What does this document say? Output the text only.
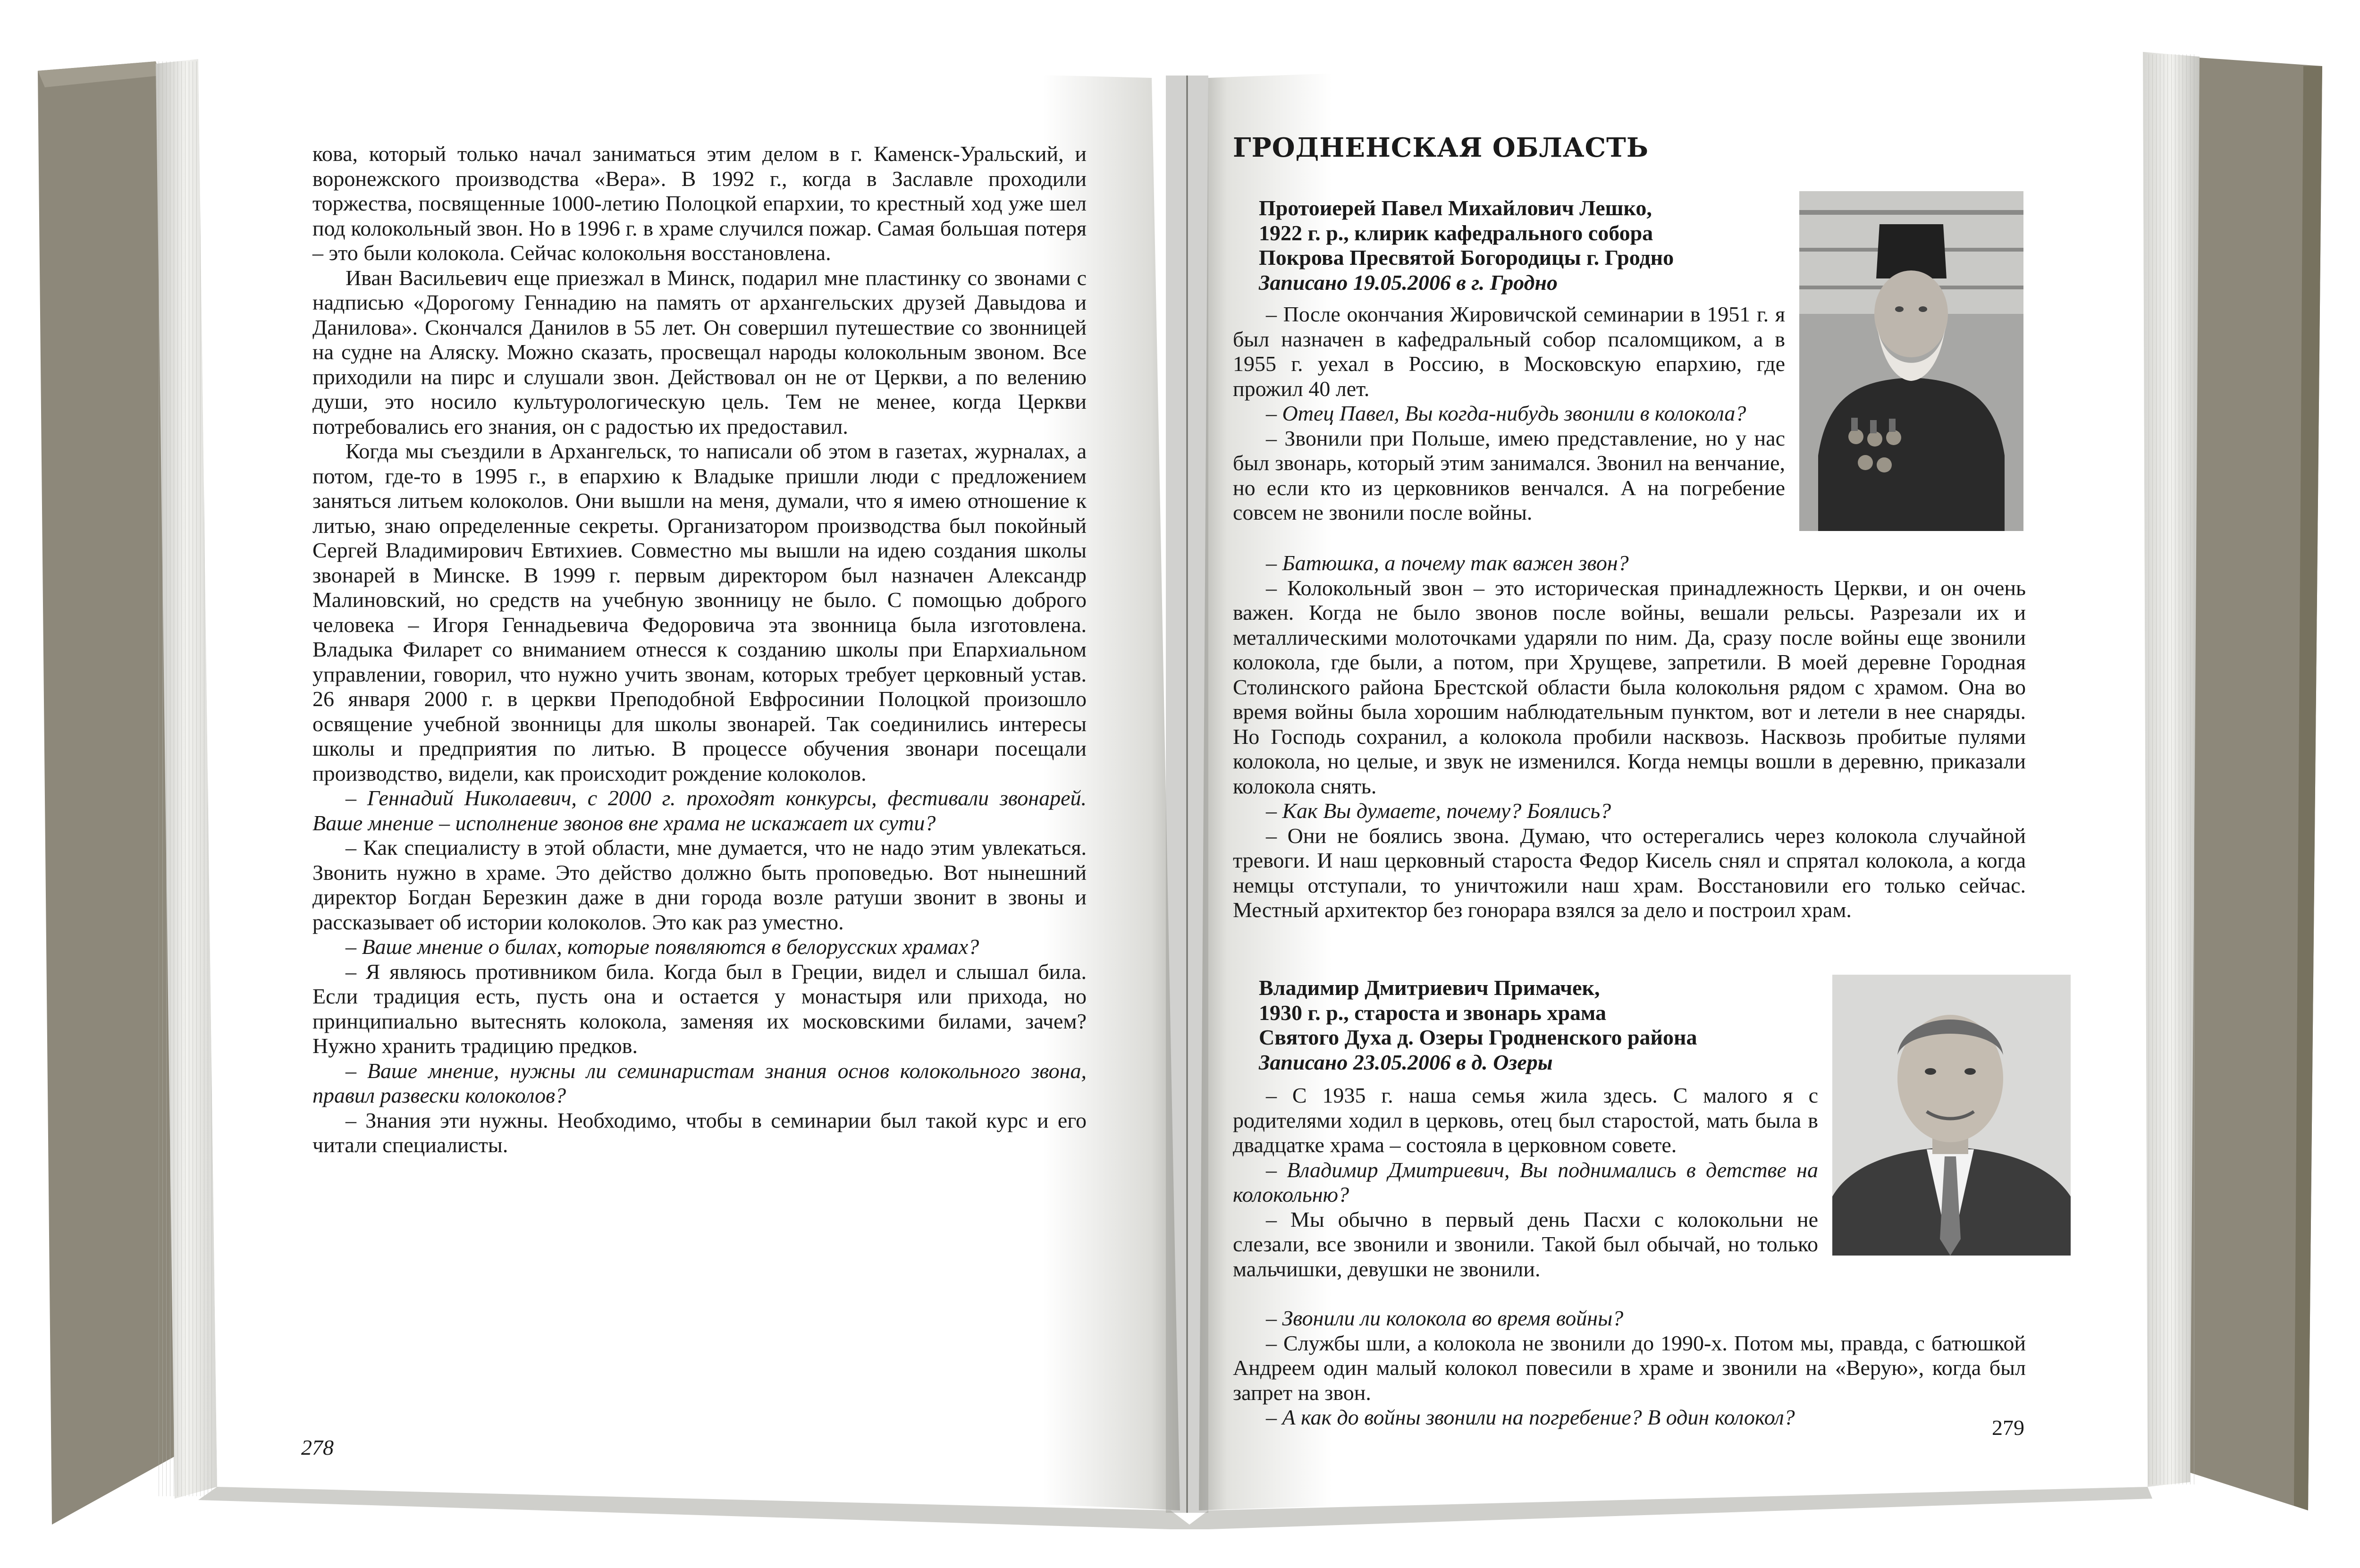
кова, который только начал заниматься этим делом в г. Каменск-Уральский, и воронежского производства «Вера». В 1992 г., когда в Заславле проходили торжества, посвященные 1000-летию Полоцкой епархии, то крестный ход уже шел под колокольный звон. Но в 1996 г. в храме случился пожар. Самая большая потеря – это были колокола. Сейчас колокольня восстановлена.

Иван Васильевич еще приезжал в Минск, подарил мне пластинку со звонами с надписью «Дорогому Геннадию на память от архангельских друзей Давыдова и Данилова». Скончался Данилов в 55 лет. Он совершил путешествие со звонницей на судне на Аляску. Можно сказать, просвещал народы колокольным звоном. Все приходили на пирс и слушали звон. Действовал он не от Церкви, а по велению души, это носило культурологическую цель. Тем не менее, когда Церкви потребовались его знания, он с радостью их предоставил.

Когда мы съездили в Архангельск, то написали об этом в газетах, журналах, а потом, где-то в 1995 г., в епархию к Владыке пришли люди с предложением заняться литьем колоколов. Они вышли на меня, думали, что я имею отношение к литью, знаю определенные секреты. Организатором производства был покойный Сергей Владимирович Евтихиев. Совместно мы вышли на идею создания школы звонарей в Минске. В 1999 г. первым директором был назначен Александр Малиновский, но средств на учебную звонницу не было. С помощью доброго человека – Игоря Геннадьевича Федоровича эта звонница была изготовлена. Владыка Филарет со вниманием отнесся к созданию школы при Епархиальном управлении, говорил, что нужно учить звонам, которых требует церковный устав. 26 января 2000 г. в церкви Преподобной Евфросинии Полоцкой произошло освящение учебной звонницы для школы звонарей. Так соединились интересы школы и предприятия по литью. В процессе обучения звонари посещали производство, видели, как происходит рождение колоколов.

– Геннадий Николаевич, с 2000 г. проходят конкурсы, фестивали звонарей. Ваше мнение – исполнение звонов вне храма не искажает их сути?

– Как специалисту в этой области, мне думается, что не надо этим увлекаться. Звонить нужно в храме. Это действо должно быть проповедью. Вот нынешний директор Богдан Березкин даже в дни города возле ратуши звонит в звоны и рассказывает об истории колоколов. Это как раз уместно.

– Ваше мнение о билах, которые появляются в белорусских храмах?

– Я являюсь противником била. Когда был в Греции, видел и слышал била. Если традиция есть, пусть она и остается у монастыря или прихода, но принципиально вытеснять колокола, заменяя их московскими билами, зачем? Нужно хранить традицию предков.

– Ваше мнение, нужны ли семинаристам знания основ колокольного звона, правил развески колоколов?

– Знания эти нужны. Необходимо, чтобы в семинарии был такой курс и его читали специалисты.

278
ГРОДНЕНСКАЯ ОБЛАСТЬ
Протоиерей Павел Михайлович Лешко,
1922 г. р., клирик кафедрального собора
Покрова Пресвятой Богородицы г. Гродно
Записано 19.05.2006 в г. Гродно

– После окончания Жировичской семинарии в 1951 г. я был назначен в кафедральный собор псаломщиком, а в 1955 г. уехал в Россию, в Московскую епархию, где прожил 40 лет.

– Отец Павел, Вы когда-нибудь звонили в колокола?

– Звонили при Польше, имею представление, но у нас был звонарь, который этим занимался. Звонил на венчание, но если кто из церковников венчался. А на погребение совсем не звонили после войны.

– Батюшка, а почему так важен звон?

– Колокольный звон – это историческая принадлежность Церкви, и он очень важен. Когда не было звонов после войны, вешали рельсы. Разрезали их и металлическими молоточками ударяли по ним. Да, сразу после войны еще звонили колокола, где были, а потом, при Хрущеве, запретили. В моей деревне Городная Столинского района Брестской области была колокольня рядом с храмом. Она во время войны была хорошим наблюдательным пунктом, вот и летели в нее снаряды. Но Господь сохранил, а колокола пробили насквозь. Насквозь пробитые пулями колокола, но целые, и звук не изменился. Когда немцы вошли в деревню, приказали колокола снять.

– Как Вы думаете, почему? Боялись?

– Они не боялись звона. Думаю, что остерегались через колокола случайной тревоги. И наш церковный староста Федор Кисель снял и спрятал колокола, а когда немцы отступали, то уничтожили наш храм. Восстановили его только сейчас. Местный архитектор без гонорара взялся за дело и построил храм.

Владимир Дмитриевич Примачек,
1930 г. р., староста и звонарь храма
Святого Духа д. Озеры Гродненского района
Записано 23.05.2006 в д. Озеры

– С 1935 г. наша семья жила здесь. С малого я с родителями ходил в церковь, отец был старостой, мать была в двадцатке храма – состояла в церковном совете.

– Владимир Дмитриевич, Вы поднимались в детстве на колокольню?

– Мы обычно в первый день Пасхи с колокольни не слезали, все звонили и звонили. Такой был обычай, но только мальчишки, девушки не звонили.

– Звонили ли колокола во время войны?

– Службы шли, а колокола не звонили до 1990-х. Потом мы, правда, с батюшкой Андреем один малый колокол повесили в храме и звонили на «Верую», когда был запрет на звон.

– А как до войны звонили на погребение? В один колокол?	279
